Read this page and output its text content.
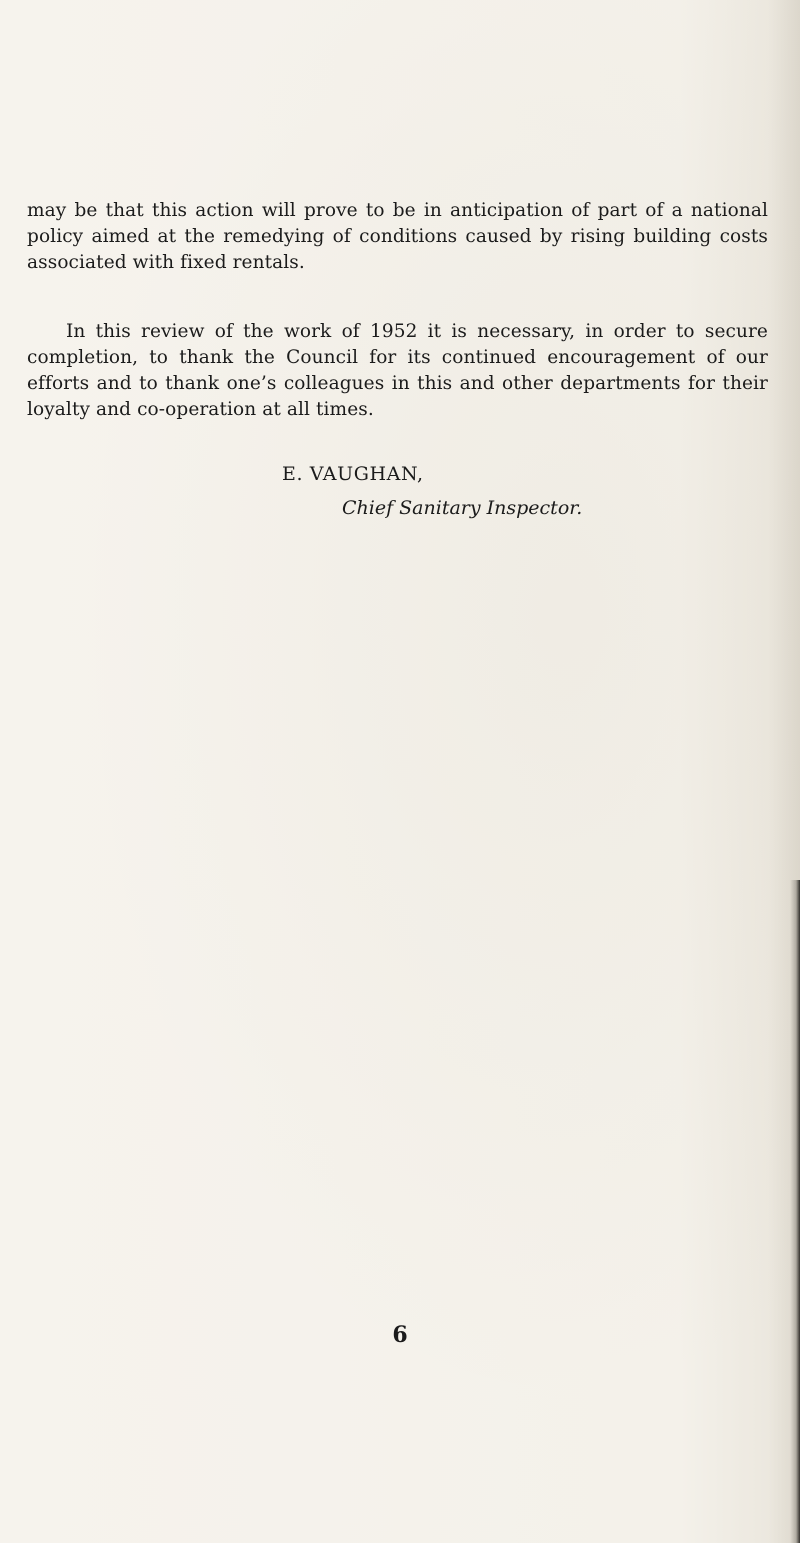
may be that this action will prove to be in anticipation of part of a national policy aimed at the remedying of conditions caused by rising building costs associated with fixed rentals.

In this review of the work of 1952 it is necessary, in order to secure completion, to thank the Council for its continued encouragement of our efforts and to thank one’s colleagues in this and other departments for their loyalty and co-operation at all times.

E. VAUGHAN,
Chief Sanitary Inspector.
6
